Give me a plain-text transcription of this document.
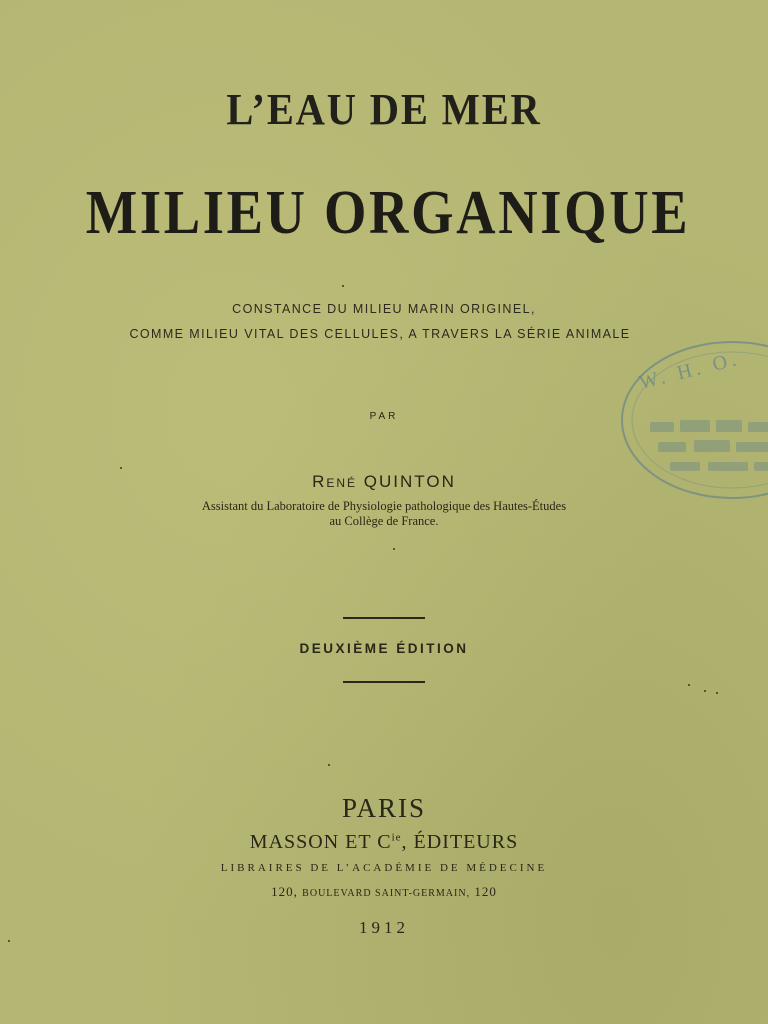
L’EAU DE MER
MILIEU ORGANIQUE
CONSTANCE DU MILIEU MARIN ORIGINEL,
COMME MILIEU VITAL DES CELLULES, A TRAVERS LA SÉRIE ANIMALE
PAR
René QUINTON
Assistant du Laboratoire de Physiologie pathologique des Hautes-Études
au Collège de France.
DEUXIÈME ÉDITION
PARIS
MASSON ET $C^{ie}$, ÉDITEURS
LIBRAIRES DE L’ACADÉMIE DE MÉDECINE
120, BOULEVARD SAINT-GERMAIN, 120
1912
W. H. O.
